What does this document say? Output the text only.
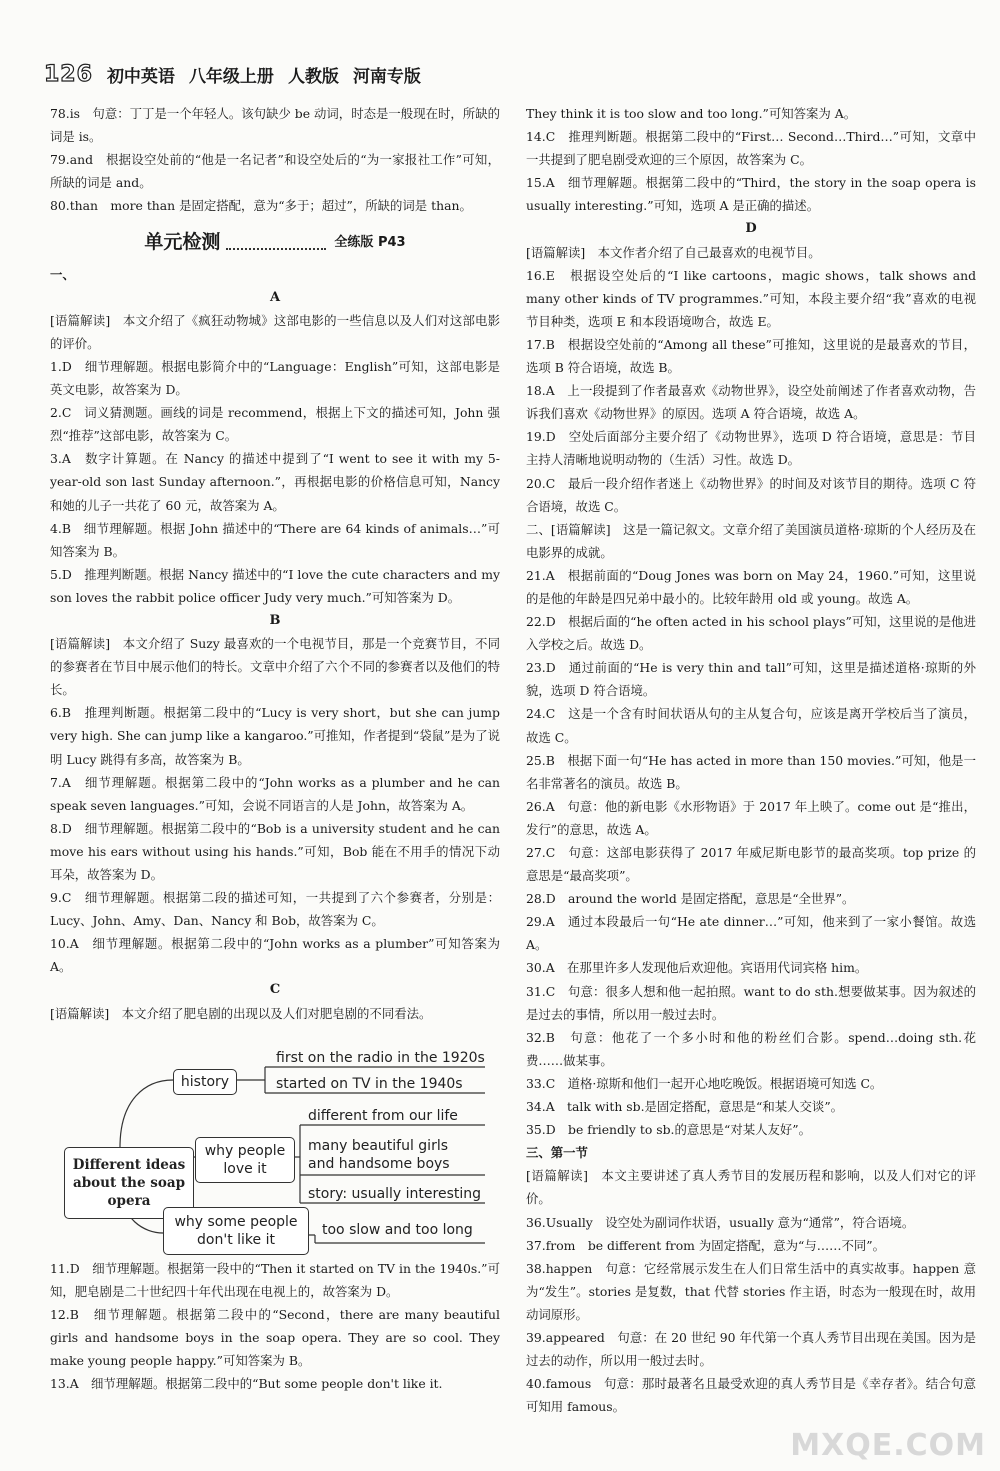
126 初中英语 八年级上册 人教版 河南专版
78.is　句意：丁丁是一个年轻人。该句缺少 be 动词，时态是一般现在时，所缺的词是 is。
79.and　根据设空处前的“他是一名记者”和设空处后的“为一家报社工作”可知，所缺的词是 and。
80.than　more than 是固定搭配，意为“多于；超过”，所缺的词是 than。
单元检测	全练版 P43
一、
A
[语篇解读]　本文介绍了《疯狂动物城》这部电影的一些信息以及人们对这部电影的评价。
1.D　细节理解题。根据电影简介中的“Language：English”可知，这部电影是英文电影，故答案为 D。
2.C　词义猜测题。画线的词是 recommend，根据上下文的描述可知，John 强烈“推荐”这部电影，故答案为 C。
3.A　数字计算题。在 Nancy 的描述中提到了“I went to see it with my 5-year-old son last Sunday afternoon.”，再根据电影的价格信息可知，Nancy 和她的儿子一共花了 60 元，故答案为 A。
4.B　细节理解题。根据 John 描述中的“There are 64 kinds of animals…”可知答案为 B。
5.D　推理判断题。根据 Nancy 描述中的“I love the cute characters and my son loves the rabbit police officer Judy very much.”可知答案为 D。
B
[语篇解读]　本文介绍了 Suzy 最喜欢的一个电视节目，那是一个竞赛节目，不同的参赛者在节目中展示他们的特长。文章中介绍了六个不同的参赛者以及他们的特长。
6.B　推理判断题。根据第二段中的“Lucy is very short，but she can jump very high. She can jump like a kangaroo.”可推知，作者提到“袋鼠”是为了说明 Lucy 跳得有多高，故答案为 B。
7.A　细节理解题。根据第二段中的“John works as a plumber and he can speak seven languages.”可知，会说不同语言的人是 John，故答案为 A。
8.D　细节理解题。根据第二段中的“Bob is a university student and he can move his ears without using his hands.”可知，Bob 能在不用手的情况下动耳朵，故答案为 D。
9.C　细节理解题。根据第二段的描述可知，一共提到了六个参赛者，分别是：Lucy、John、Amy、Dan、Nancy 和 Bob，故答案为 C。
10.A　细节理解题。根据第二段中的“John works as a plumber”可知答案为 A。
C
[语篇解读]　本文介绍了肥皂剧的出现以及人们对肥皂剧的不同看法。
Different ideas about the soap opera
history
first on the radio in the 1920s
started on TV in the 1940s
why people love it
different from our life
many beautiful girls and handsome boys
story: usually interesting
why some people don't like it
too slow and too long
11.D　细节理解题。根据第一段中的“Then it started on TV in the 1940s.”可知，肥皂剧是二十世纪四十年代出现在电视上的，故答案为 D。
12.B　细节理解题。根据第二段中的“Second，there are many beautiful girls and handsome boys in the soap opera. They are so cool. They make young people happy.”可知答案为 B。
13.A　细节理解题。根据第二段中的“But some people don't like it.
They think it is too slow and too long.”可知答案为 A。
14.C　推理判断题。根据第二段中的“First… Second…Third…”可知，文章中一共提到了肥皂剧受欢迎的三个原因，故答案为 C。
15.A　细节理解题。根据第二段中的“Third，the story in the soap opera is usually interesting.”可知，选项 A 是正确的描述。
D
[语篇解读]　本文作者介绍了自己最喜欢的电视节目。
16.E　根据设空处后的“I like cartoons，magic shows，talk shows and many other kinds of TV programmes.”可知，本段主要介绍“我”喜欢的电视节目种类，选项 E 和本段语境吻合，故选 E。
17.B　根据设空处前的“Among all these”可推知，这里说的是最喜欢的节目，选项 B 符合语境，故选 B。
18.A　上一段提到了作者最喜欢《动物世界》，设空处前阐述了作者喜欢动物，告诉我们喜欢《动物世界》的原因。选项 A 符合语境，故选 A。
19.D　空处后面部分主要介绍了《动物世界》，选项 D 符合语境，意思是：节目主持人清晰地说明动物的（生活）习性。故选 D。
20.C　最后一段介绍作者迷上《动物世界》的时间及对该节目的期待。选项 C 符合语境，故选 C。
二、[语篇解读]　这是一篇记叙文。文章介绍了美国演员道格·琼斯的个人经历及在电影界的成就。
21.A　根据前面的“Doug Jones was born on May 24，1960.”可知，这里说的是他的年龄是四兄弟中最小的。比较年龄用 old 或 young。故选 A。
22.D　根据后面的“he often acted in his school plays”可知，这里说的是他进入学校之后。故选 D。
23.D　通过前面的“He is very thin and tall”可知，这里是描述道格·琼斯的外貌，选项 D 符合语境。
24.C　这是一个含有时间状语从句的主从复合句，应该是离开学校后当了演员，故选 C。
25.B　根据下面一句“He has acted in more than 150 movies.”可知，他是一名非常著名的演员。故选 B。
26.A　句意：他的新电影《水形物语》于 2017 年上映了。come out 是“推出，发行”的意思，故选 A。
27.C　句意：这部电影获得了 2017 年威尼斯电影节的最高奖项。top prize 的意思是“最高奖项”。
28.D　around the world 是固定搭配，意思是“全世界”。
29.A　通过本段最后一句“He ate dinner…”可知，他来到了一家小餐馆。故选 A。
30.A　在那里许多人发现他后欢迎他。宾语用代词宾格 him。
31.C　句意：很多人想和他一起拍照。want to do sth.想要做某事。因为叙述的是过去的事情，所以用一般过去时。
32.B　句意：他花了一个多小时和他的粉丝们合影。spend…doing sth.花费……做某事。
33.C　道格·琼斯和他们一起开心地吃晚饭。根据语境可知选 C。
34.A　talk with sb.是固定搭配，意思是“和某人交谈”。
35.D　be friendly to sb.的意思是“对某人友好”。
三、第一节
[语篇解读]　本文主要讲述了真人秀节目的发展历程和影响，以及人们对它的评价。
36.Usually　设空处为副词作状语，usually 意为“通常”，符合语境。
37.from　be different from 为固定搭配，意为“与……不同”。
38.happen　句意：它经常展示发生在人们日常生活中的真实故事。happen 意为“发生”。stories 是复数，that 代替 stories 作主语，时态为一般现在时，故用动词原形。
39.appeared　句意：在 20 世纪 90 年代第一个真人秀节目出现在美国。因为是过去的动作，所以用一般过去时。
40.famous　句意：那时最著名且最受欢迎的真人秀节目是《幸存者》。结合句意可知用 famous。
MXQE.COM
